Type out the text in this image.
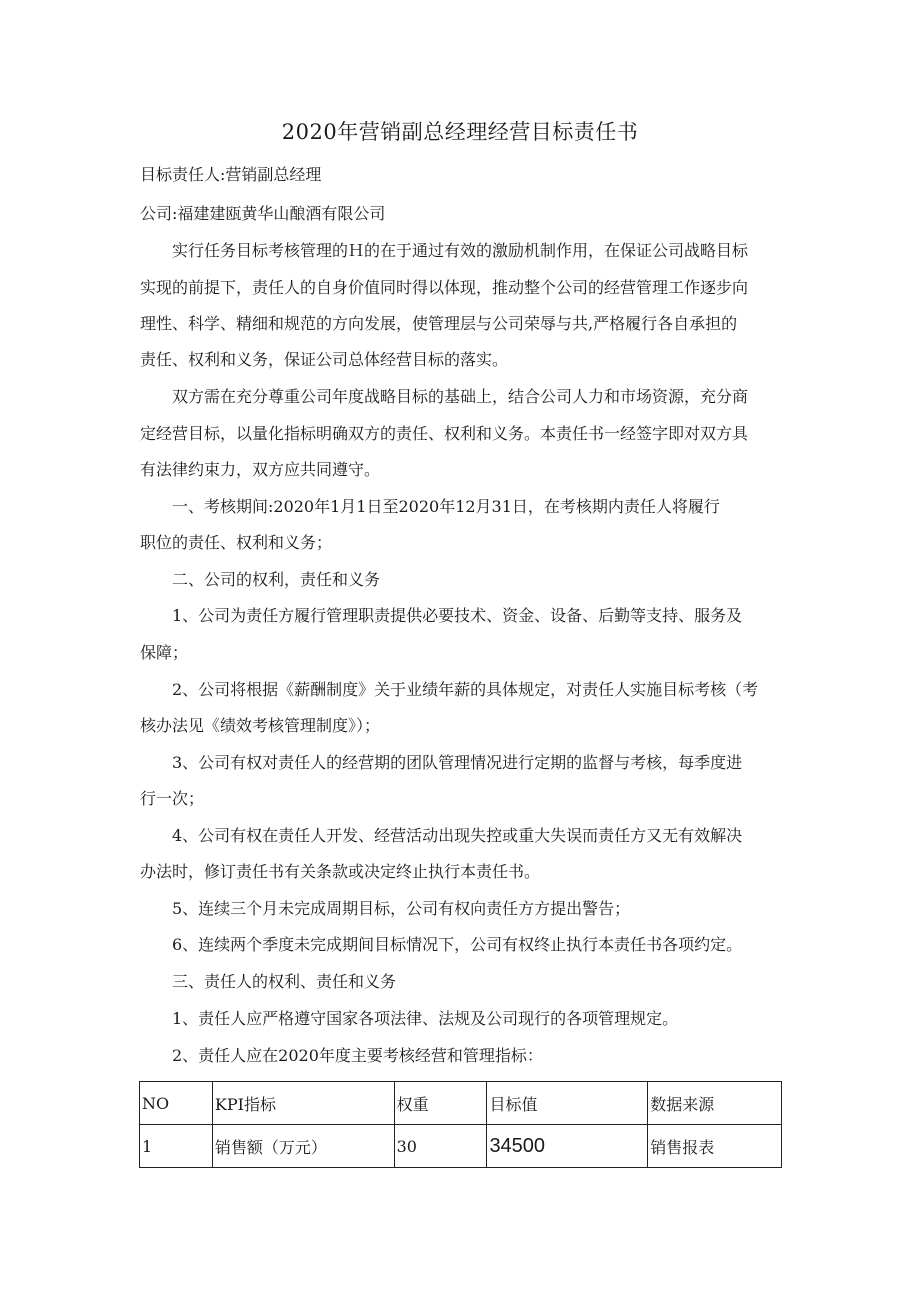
2020年营销副总经理经营目标责任书
目标责任人:营销副总经理
公司:福建建瓯黄华山酿酒有限公司
实行任务目标考核管理的Ｈ的在于通过有效的激励机制作用，在保证公司战略目标
实现的前提下，责任人的自身价值同时得以体现，推动整个公司的经营管理工作逐步向
理性、科学、精细和规范的方向发展，使管理层与公司荣辱与共,严格履行各自承担的
责任、权利和义务，保证公司总体经营目标的落实。
双方需在充分尊重公司年度战略目标的基础上，结合公司人力和市场资源，充分商
定经营目标，以量化指标明确双方的责任、权利和义务。本责任书一经签字即对双方具
有法律约束力，双方应共同遵守。
一、考核期间:2020年1月1日至2020年12月31日，在考核期内责任人将履行
职位的责任、权利和义务；
二、公司的权利，责任和义务
1、公司为责任方履行管理职责提供必要技术、资金、设备、后勤等支持、服务及
保障；
2、公司将根据《薪酬制度》关于业绩年薪的具体规定，对责任人实施目标考核（考
核办法见《绩效考核管理制度》）；
3、公司有权对责任人的经营期的团队管理情况进行定期的监督与考核，每季度进
行一次；
4、公司有权在责任人开发、经营活动出现失控或重大失误而责任方又无有效解决
办法时，修订责任书有关条款或决定终止执行本责任书。
5、连续三个月未完成周期目标，公司有权向责任方方提出警告；
6、连续两个季度未完成期间目标情况下，公司有权终止执行本责任书各项约定。
三、责任人的权利、责任和义务
1、责任人应严格遵守国家各项法律、法规及公司现行的各项管理规定。
2、责任人应在2020年度主要考核经营和管理指标：
NO	KPI指标	权重	目标值	数据来源
1	销售额（万元）	30	34500	销售报表
